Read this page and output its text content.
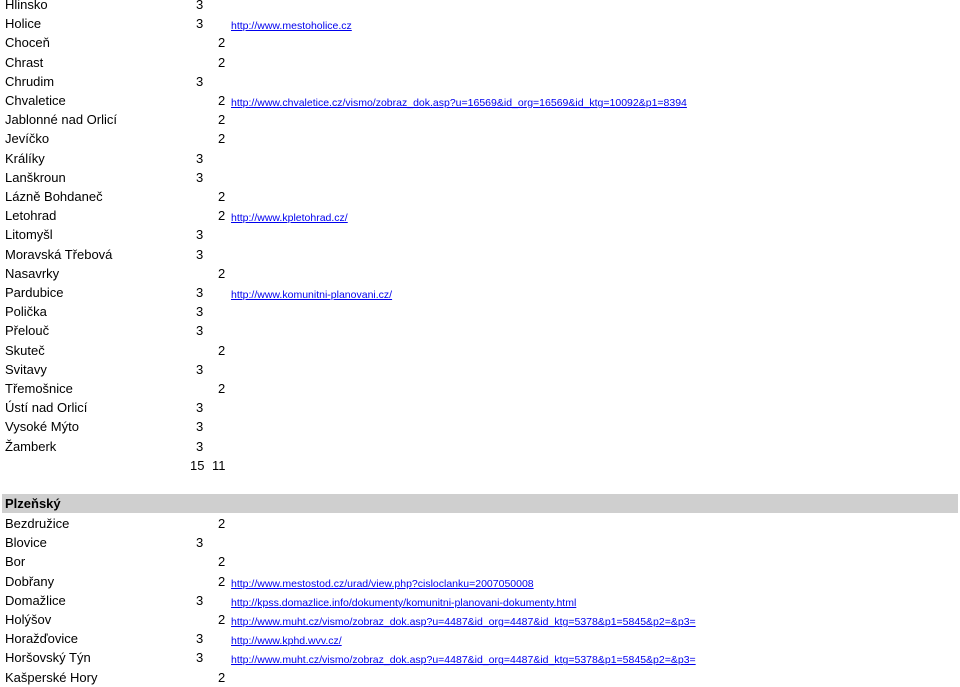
Hlinsko	3
Holice	3	http://www.mestoholice.cz
Choceň	2
Chrast	2
Chrudim	3
Chvaletice	2 http://www.chvaletice.cz/vismo/zobraz_dok.asp?u=16569&id_org=16569&id_ktg=10092&p1=8394
Jablonné nad Orlicí	2
Jevíčko	2
Králíky	3
Lanškroun	3
Lázně Bohdaneč	2
Letohrad	2 http://www.kpletohrad.cz/
Litomyšl	3
Moravská Třebová	3
Nasavrky	2
Pardubice	3	http://www.komunitni-planovani.cz/
Polička	3
Přelouč	3
Skuteč	2
Svitavy	3
Třemošnice	2
Ústí nad Orlicí	3
Vysoké Mýto	3
Žamberk	3
15 11
Plzeňský
Bezdružice	2
Blovice	3
Bor	2
Dobřany	2 http://www.mestostod.cz/urad/view.php?cisloclanku=2007050008
Domažlice	3	http://kpss.domazlice.info/dokumenty/komunitni-planovani-dokumenty.html
Holýšov	2 http://www.muht.cz/vismo/zobraz_dok.asp?u=4487&id_org=4487&id_ktg=5378&p1=5845&p2=&p3=
Horažďovice	3	http://www.kphd.wvv.cz/
Horšovský Týn	3	http://www.muht.cz/vismo/zobraz_dok.asp?u=4487&id_org=4487&id_ktg=5378&p1=5845&p2=&p3=
Kašperské Hory	2
